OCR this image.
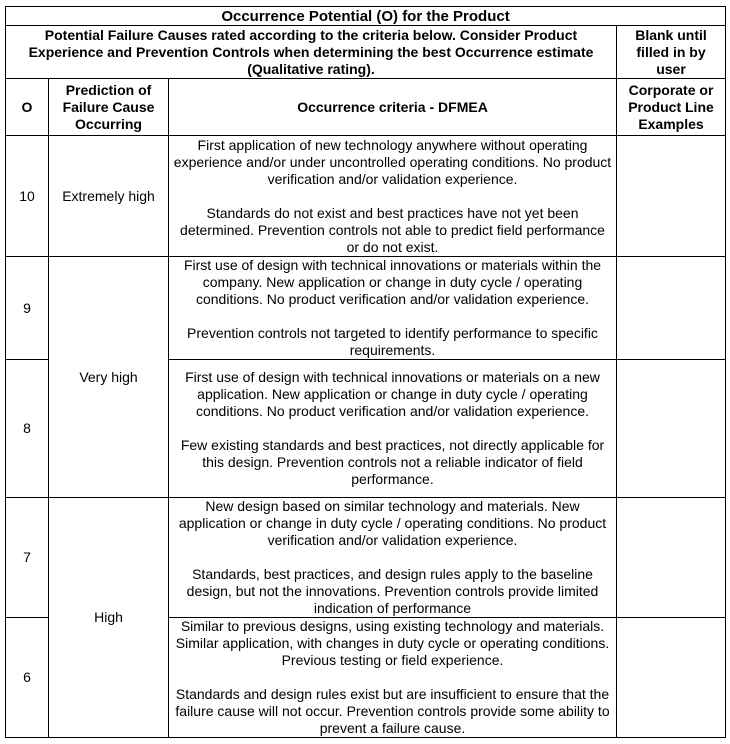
Occurrence Potential (O) for the Product			
Potential Failure Causes rated according to the criteria below. Consider Product Experience and Prevention Controls when determining the best Occurrence estimate (Qualitative rating).			Blank until filled in by user
O	Prediction of Failure Cause Occurring	Occurrence criteria - DFMEA	Corporate or Product Line Examples
10	Extremely high	First application of new technology anywhere without operating experience and/or under uncontrolled operating conditions. No product verification and/or validation experience.

Standards do not exist and best practices have not yet been determined. Prevention controls not able to predict field performance or do not exist.	

9	Very high	First use of design with technical innovations or materials within the company. New application or change in duty cycle / operating conditions. No product verification and/or validation experience.

Prevention controls not targeted to identify performance to specific requirements.	

8		First use of design with technical innovations or materials on a new application. New application or change in duty cycle / operating conditions. No product verification and/or validation experience.

Few existing standards and best practices, not directly applicable for this design. Prevention controls not a reliable indicator of field performance.	

7	High	New design based on similar technology and materials. New application or change in duty cycle / operating conditions. No product verification and/or validation experience.

Standards, best practices, and design rules apply to the baseline design, but not the innovations. Prevention controls provide limited indication of performance	

6		Similar to previous designs, using existing technology and materials. Similar application, with changes in duty cycle or operating conditions. Previous testing or field experience.

Standards and design rules exist but are insufficient to ensure that the failure cause will not occur. Prevention controls provide some ability to prevent a failure cause.	
